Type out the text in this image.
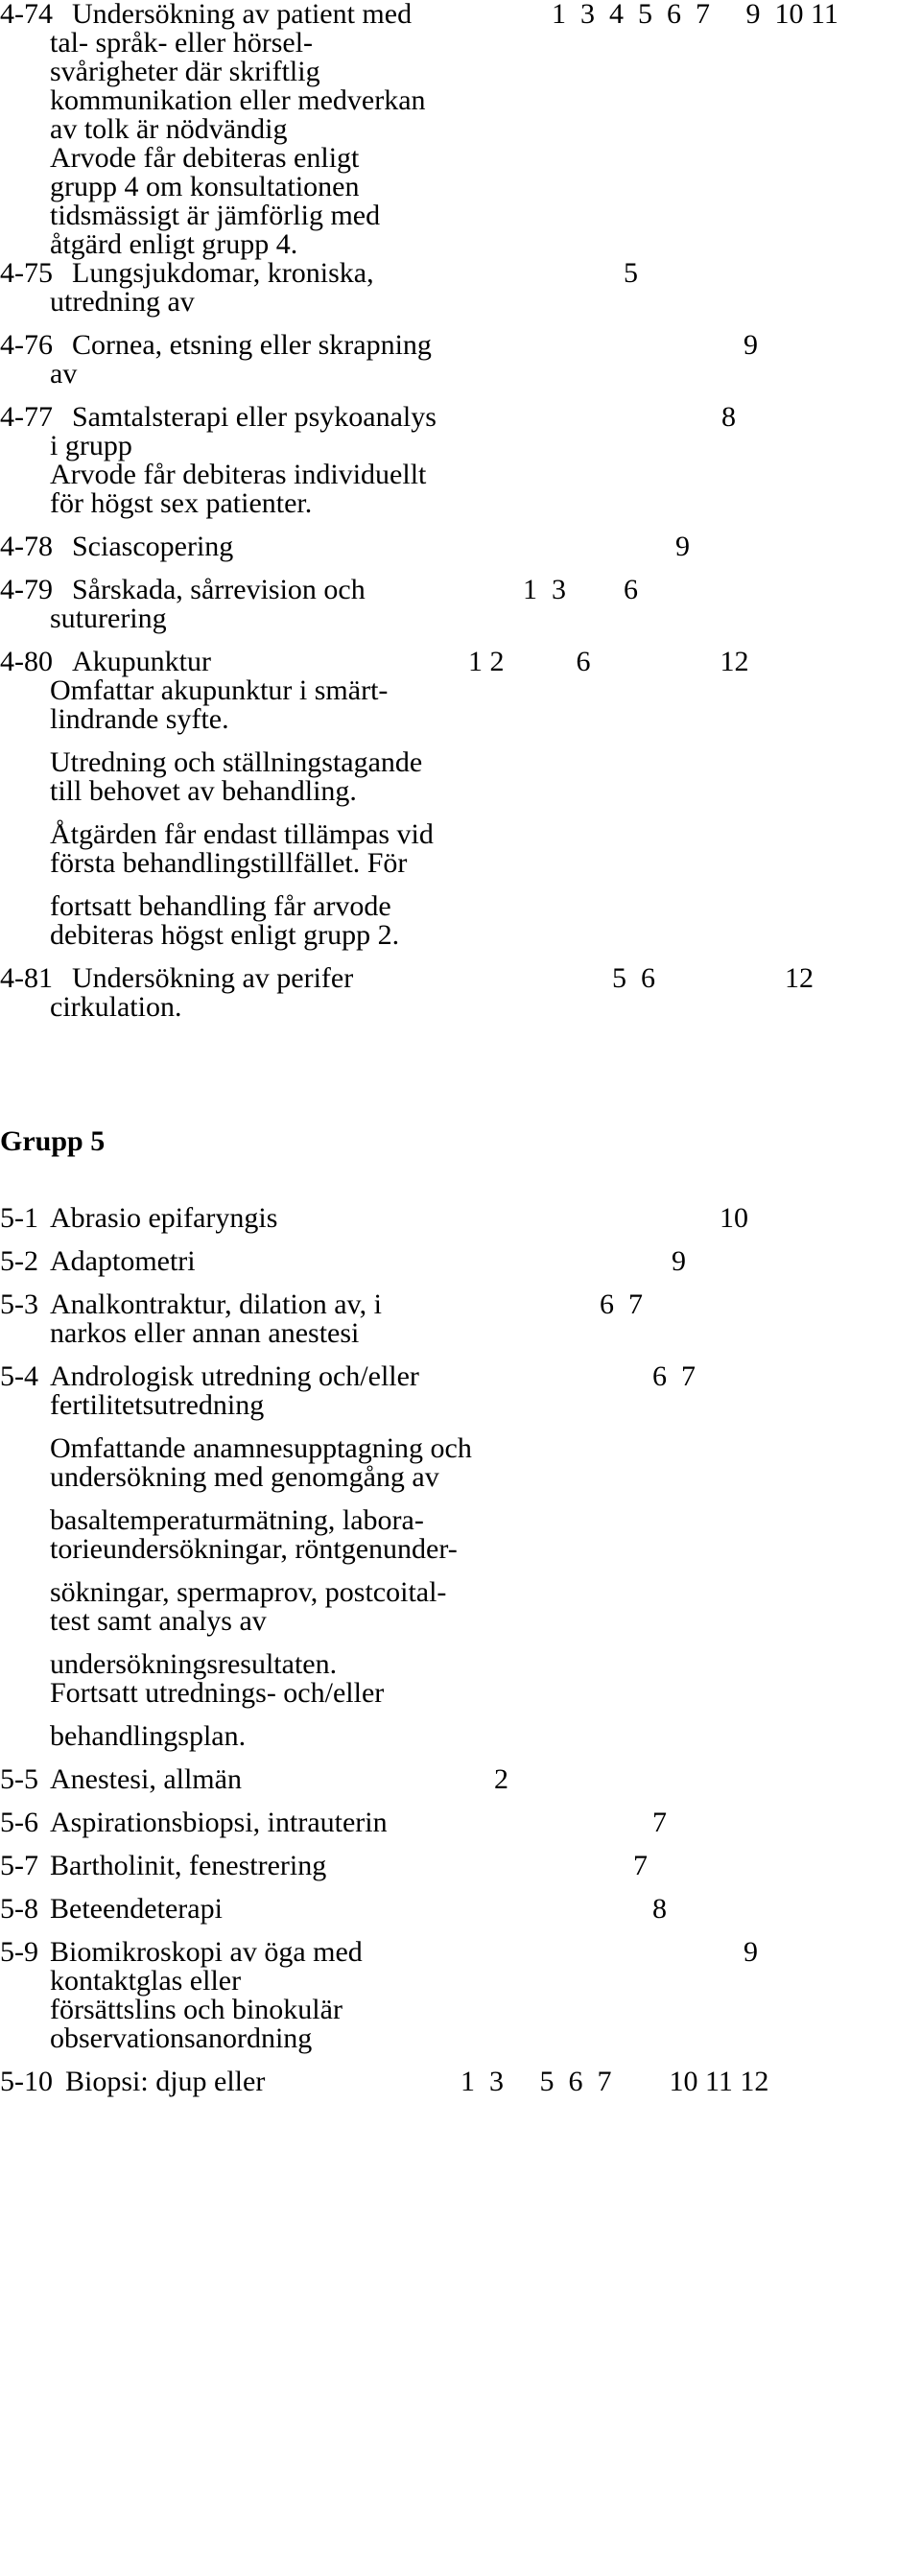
4-74 Undersökning av patient med	1  3  4  5  6  7     9  10 11
tal- språk- eller hörsel-
svårigheter där skriftlig
kommunikation eller medverkan
av tolk är nödvändig
Arvode får debiteras enligt
grupp 4 om konsultationen
tidsmässigt är jämförlig med
åtgärd enligt grupp 4.
4-75 Lungsjukdomar, kroniska,	5
utredning av
4-76 Cornea, etsning eller skrapning	9
av
4-77 Samtalsterapi eller psykoanalys	8
i grupp
Arvode får debiteras individuellt
för högst sex patienter.
4-78 Sciascopering	9
4-79 Sårskada, sårrevision och	1  3        6
suturering
4-80 Akupunktur	1 2          6                  12
Omfattar akupunktur i smärt-
lindrande syfte.
Utredning och ställningstagande
till behovet av behandling.
Åtgärden får endast tillämpas vid
första behandlingstillfället. För
fortsatt behandling får arvode
debiteras högst enligt grupp 2.
4-81 Undersökning av perifer	5  6                  12
cirkulation.
Grupp 5
5-1 Abrasio epifaryngis	10
5-2 Adaptometri	9
5-3 Analkontraktur, dilation av, i	6  7
narkos eller annan anestesi
5-4 Andrologisk utredning och/eller	6  7
fertilitetsutredning
Omfattande anamnesupptagning och
undersökning med genomgång av
basaltemperaturmätning, labora-
torieundersökningar, röntgenunder-
sökningar, spermaprov, postcoital-
test samt analys av
undersökningsresultaten.
Fortsatt utrednings- och/eller
behandlingsplan.
5-5 Anestesi, allmän	2
5-6 Aspirationsbiopsi, intrauterin	7
5-7 Bartholinit, fenestrering	7
5-8 Beteendeterapi	8
5-9 Biomikroskopi av öga med	9
kontaktglas eller
försättslins och binokulär
observationsanordning
5-10 Biopsi: djup eller	1  3     5  6  7        10 11 12
